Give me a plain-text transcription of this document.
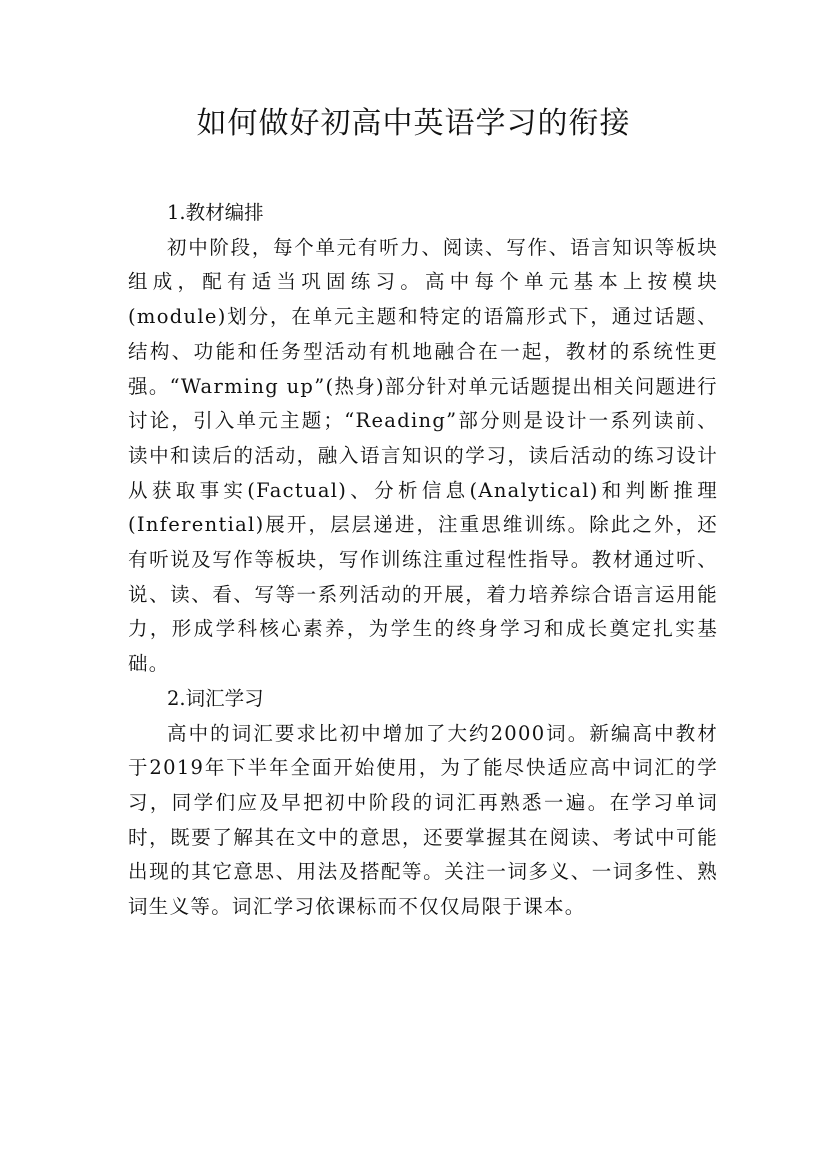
如何做好初高中英语学习的衔接

1.教材编排

初中阶段，每个单元有听力、阅读、写作、语言知识等板块组成，配有适当巩固练习。高中每个单元基本上按模块(module)划分，在单元主题和特定的语篇形式下，通过话题、结构、功能和任务型活动有机地融合在一起，教材的系统性更强。“Warming up”(热身)部分针对单元话题提出相关问题进行讨论，引入单元主题；“Reading”部分则是设计一系列读前、读中和读后的活动，融入语言知识的学习，读后活动的练习设计从获取事实(Factual)、分析信息(Analytical)和判断推理(Inferential)展开，层层递进，注重思维训练。除此之外，还有听说及写作等板块，写作训练注重过程性指导。教材通过听、说、读、看、写等一系列活动的开展，着力培养综合语言运用能力，形成学科核心素养，为学生的终身学习和成长奠定扎实基础。

2.词汇学习

高中的词汇要求比初中增加了大约2000词。新编高中教材于2019年下半年全面开始使用，为了能尽快适应高中词汇的学习，同学们应及早把初中阶段的词汇再熟悉一遍。在学习单词时，既要了解其在文中的意思，还要掌握其在阅读、考试中可能出现的其它意思、用法及搭配等。关注一词多义、一词多性、熟词生义等。词汇学习依课标而不仅仅局限于课本。
